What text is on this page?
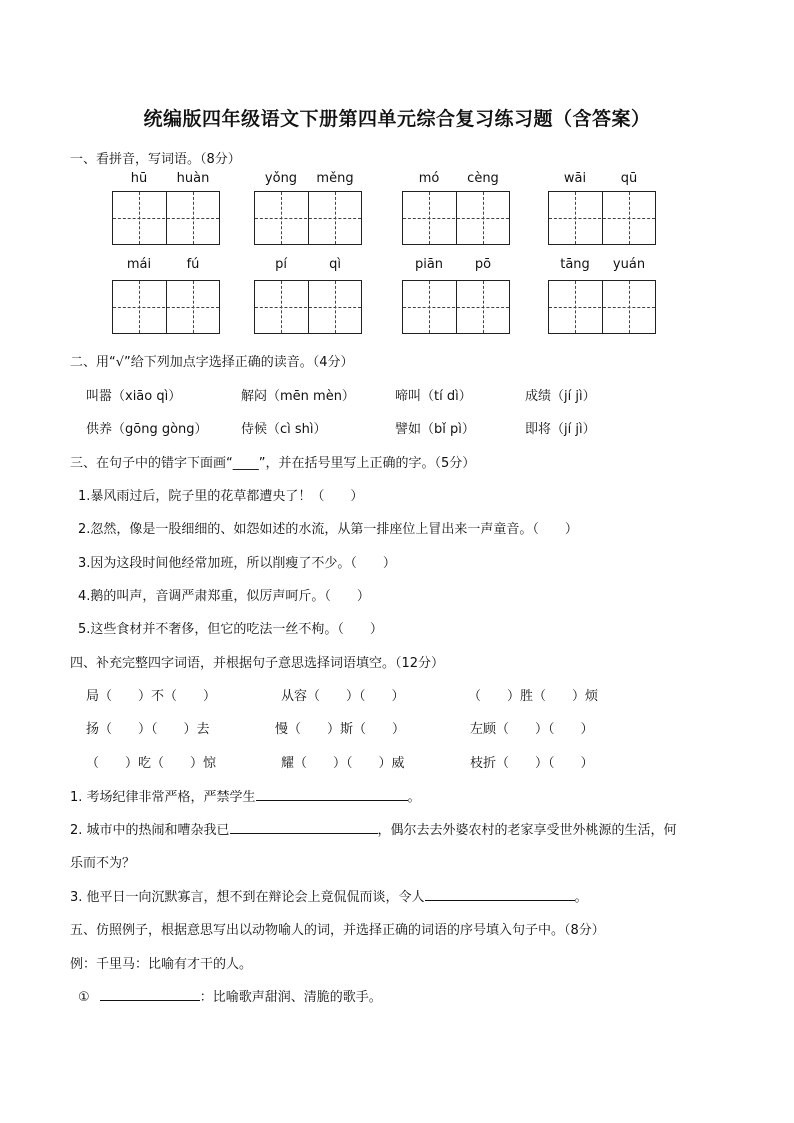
统编版四年级语文下册第四单元综合复习练习题（含答案）
一、看拼音，写词语。（8分）
hū	huàn	yǒng	měng	mó	cèng	wāi	qū
mái	fú	pí	qì	piān	pō	tāng	yuán
二、用“√”给下列加点字选择正确的读音。（4分）
叫嚣（xiāo qì）	解闷（mēn mèn）	啼叫（tí dì）	成绩（jí jì）
供养（gōng gòng）	侍候（cì shì）	譬如（bǐ pì）	即将（jí jì）
三、在句子中的错字下面画“____”，并在括号里写上正确的字。（5分）
1.暴风雨过后，院子里的花草都遭央了！（　　）
2.忽然，像是一股细细的、如怨如述的水流，从第一排座位上冒出来一声童音。（　　）
3.因为这段时间他经常加班，所以削瘦了不少。（　　）
4.鹅的叫声，音调严肃郑重，似厉声呵斤。（　　）
5.这些食材并不奢侈，但它的吃法一丝不枸。（　　）
四、补充完整四字词语，并根据句子意思选择词语填空。（12分）
局（　　）不（　　）	从容（　　）（　　）	（　　）胜（　　）烦
扬（　　）（　　）去	慢（　　）斯（　　）	左顾（　　）（　　）
（　　）吃（　　）惊	耀（　　）（　　）威	枝折（　　）（　　）
1. 考场纪律非常严格，严禁学生	。
2. 城市中的热闹和嘈杂我已	，偶尔去去外婆农村的老家享受世外桃源的生活，何
乐而不为？
3. 他平日一向沉默寡言，想不到在辩论会上竟侃侃而谈，令人	。
五、仿照例子，根据意思写出以动物喻人的词，并选择正确的词语的序号填入句子中。（8分）
例：千里马：比喻有才干的人。
①	：比喻歌声甜润、清脆的歌手。
